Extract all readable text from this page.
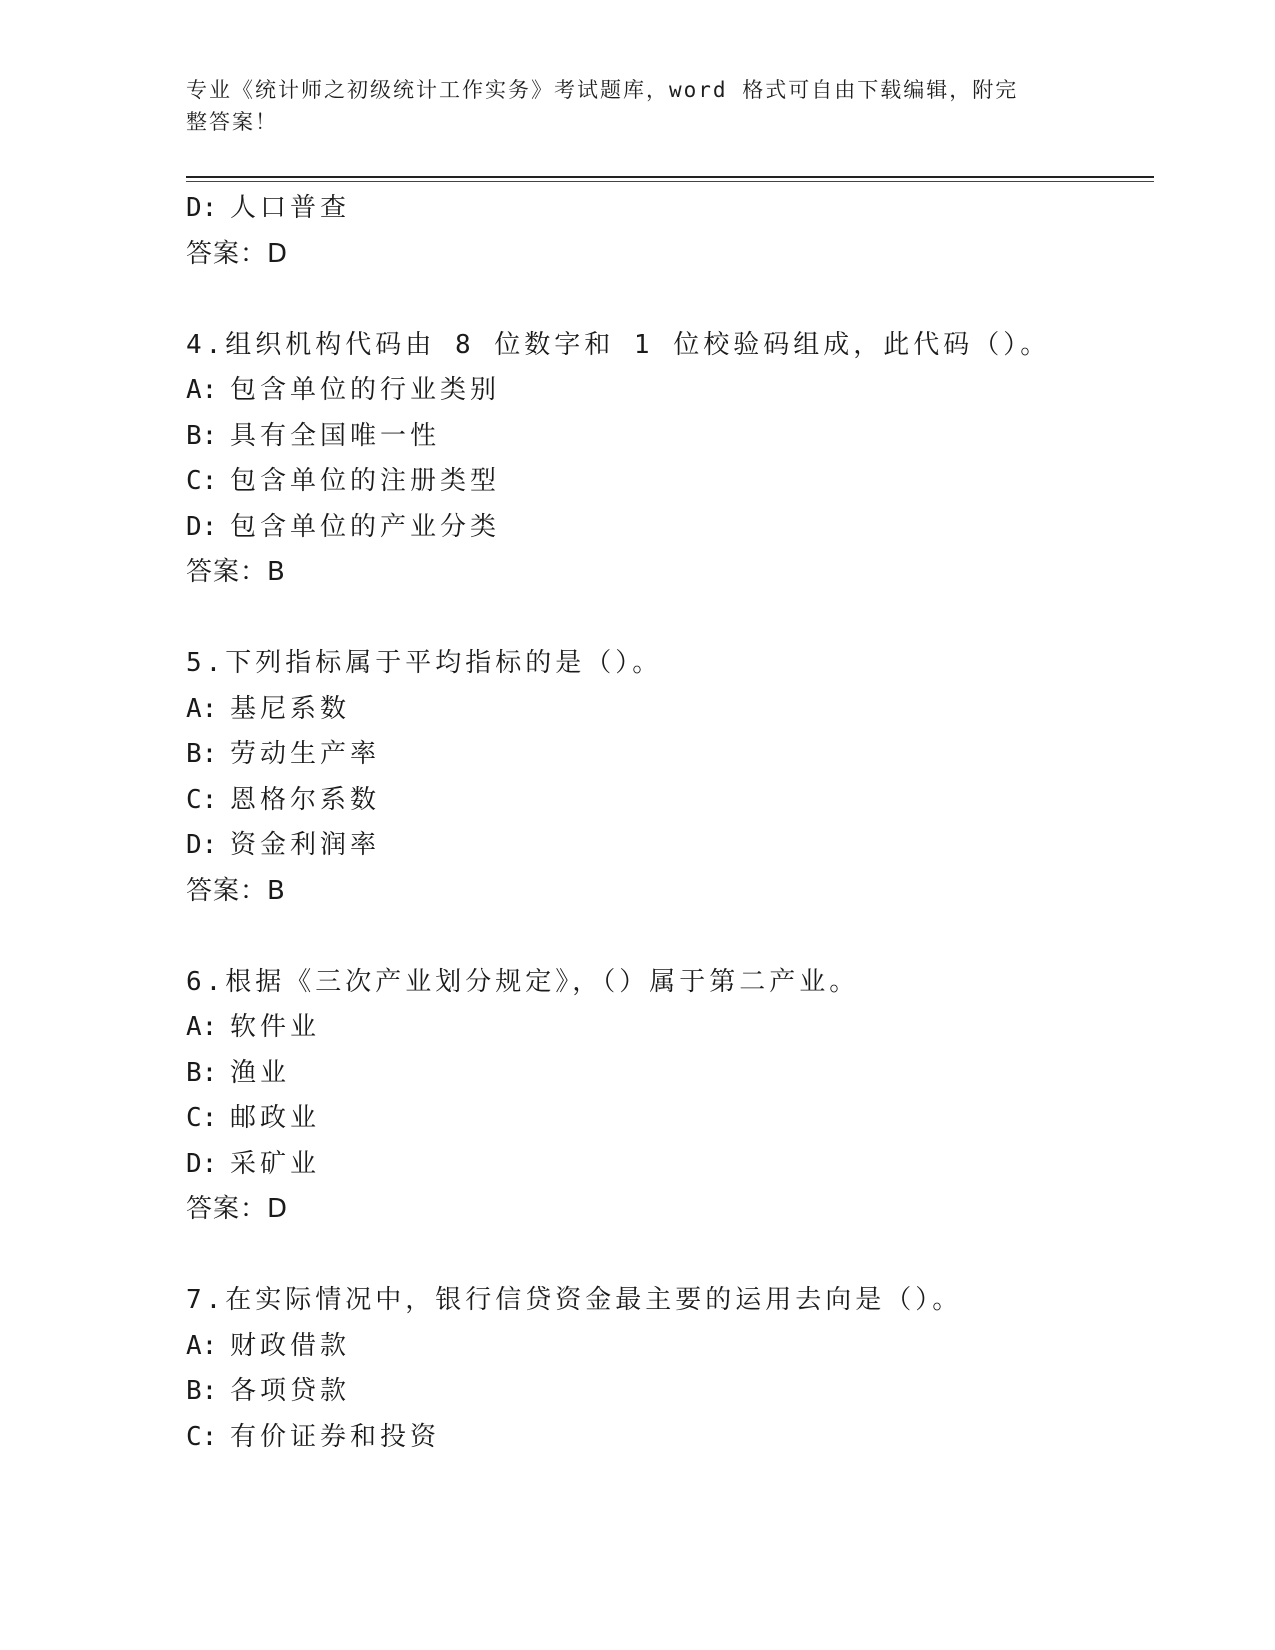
专业《统计师之初级统计工作实务》考试题库，word 格式可自由下载编辑，附完
整答案！
D: 人口普查
答案：D
4.组织机构代码由 8 位数字和 1 位校验码组成，此代码（）。
A: 包含单位的行业类别
B: 具有全国唯一性
C: 包含单位的注册类型
D: 包含单位的产业分类
答案：B
5.下列指标属于平均指标的是（）。
A: 基尼系数
B: 劳动生产率
C: 恩格尔系数
D: 资金利润率
答案：B
6.根据《三次产业划分规定》，（）属于第二产业。
A: 软件业
B: 渔业
C: 邮政业
D: 采矿业
答案：D
7.在实际情况中，银行信贷资金最主要的运用去向是（）。
A: 财政借款
B: 各项贷款
C: 有价证券和投资
